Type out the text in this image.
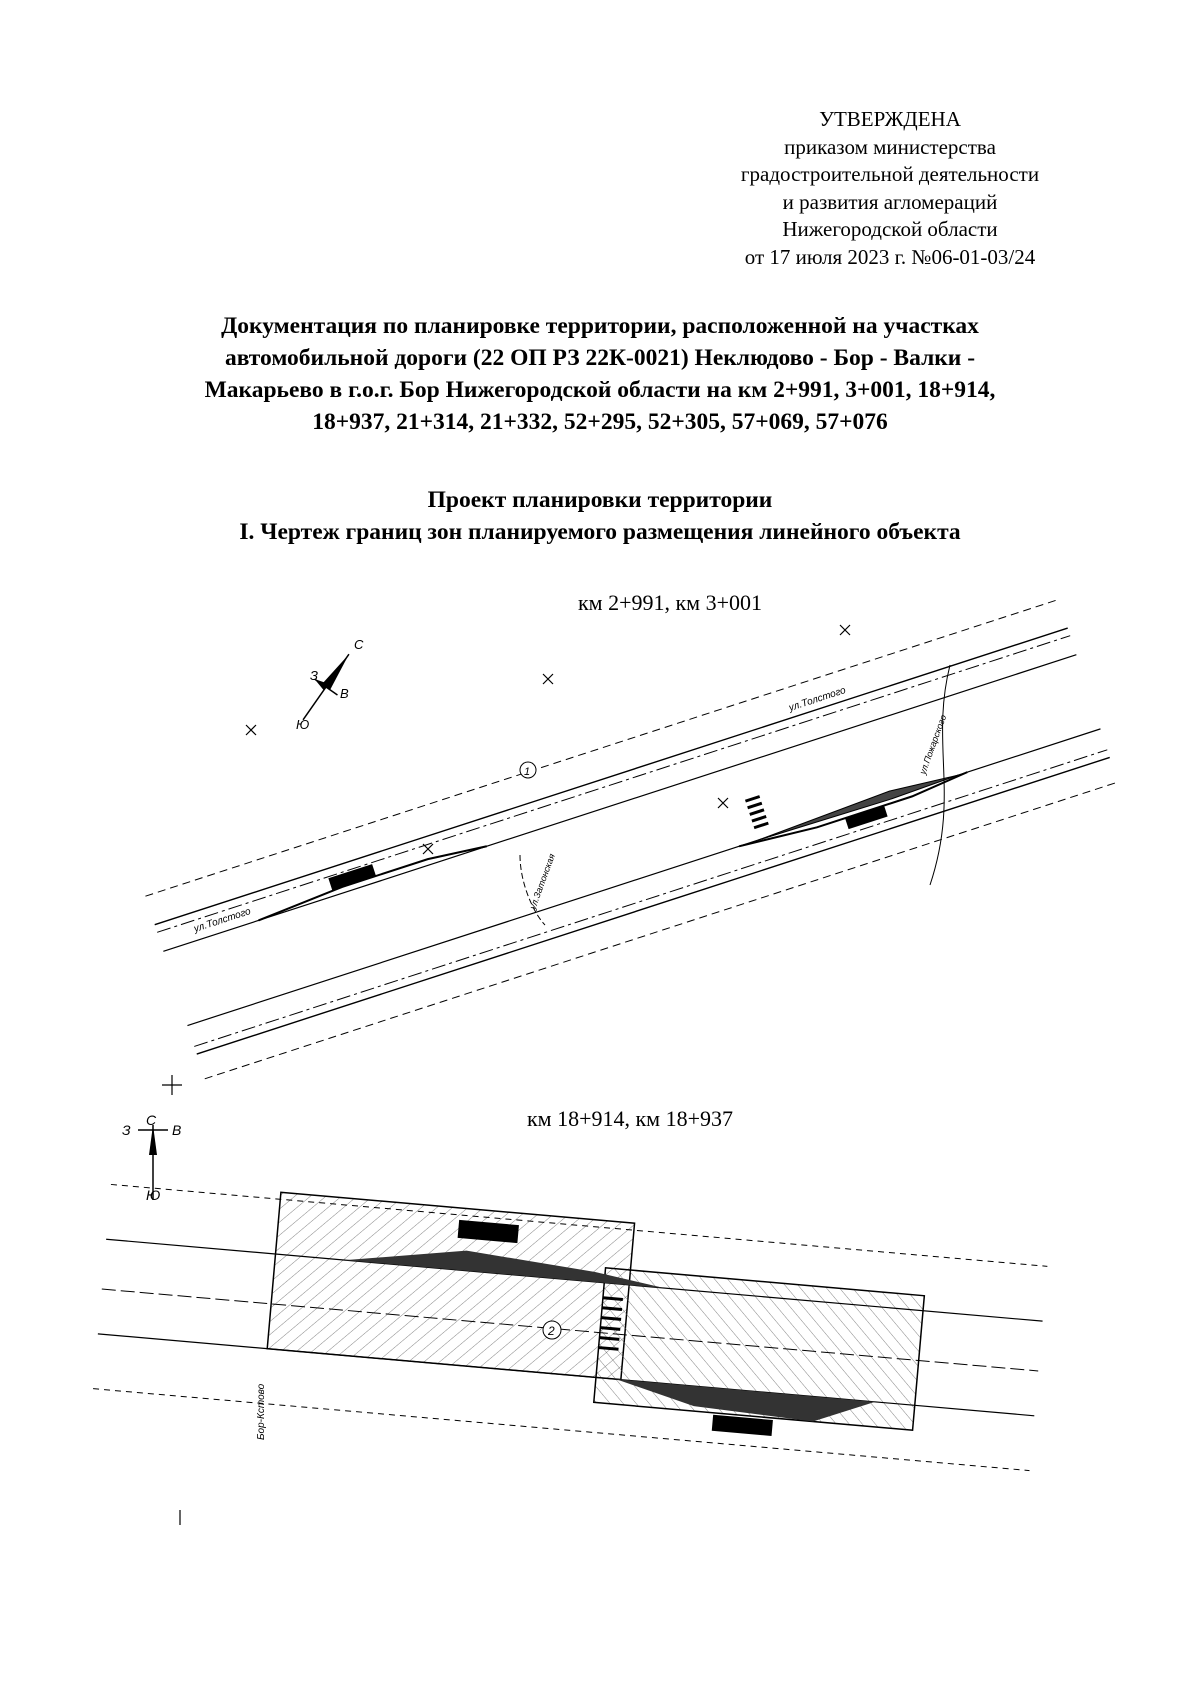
УТВЕРЖДЕНА
приказом министерства
градостроительной деятельности
и развития агломераций
Нижегородской области
от 17 июля 2023 г. №06-01-03/24
Документация по планировке территории, расположенной на участках
автомобильной дороги (22 ОП РЗ 22К-0021) Неклюдово - Бор - Валки -
Макарьево в г.о.г. Бор Нижегородской области на км 2+991, 3+001, 18+914,
18+937, 21+314, 21+332, 52+295, 52+305, 57+069, 57+076
Проект планировки территории
I. Чертеж границ зон планируемого размещения линейного объекта
км 2+991, км 3+001
С
Ю
З
В
1
ул.Толстого
ул.Толстого
ул.Пожарского
ул.Затонская
км 18+914, км 18+937
С
Ю
З	В
2
Бор-Кстово
